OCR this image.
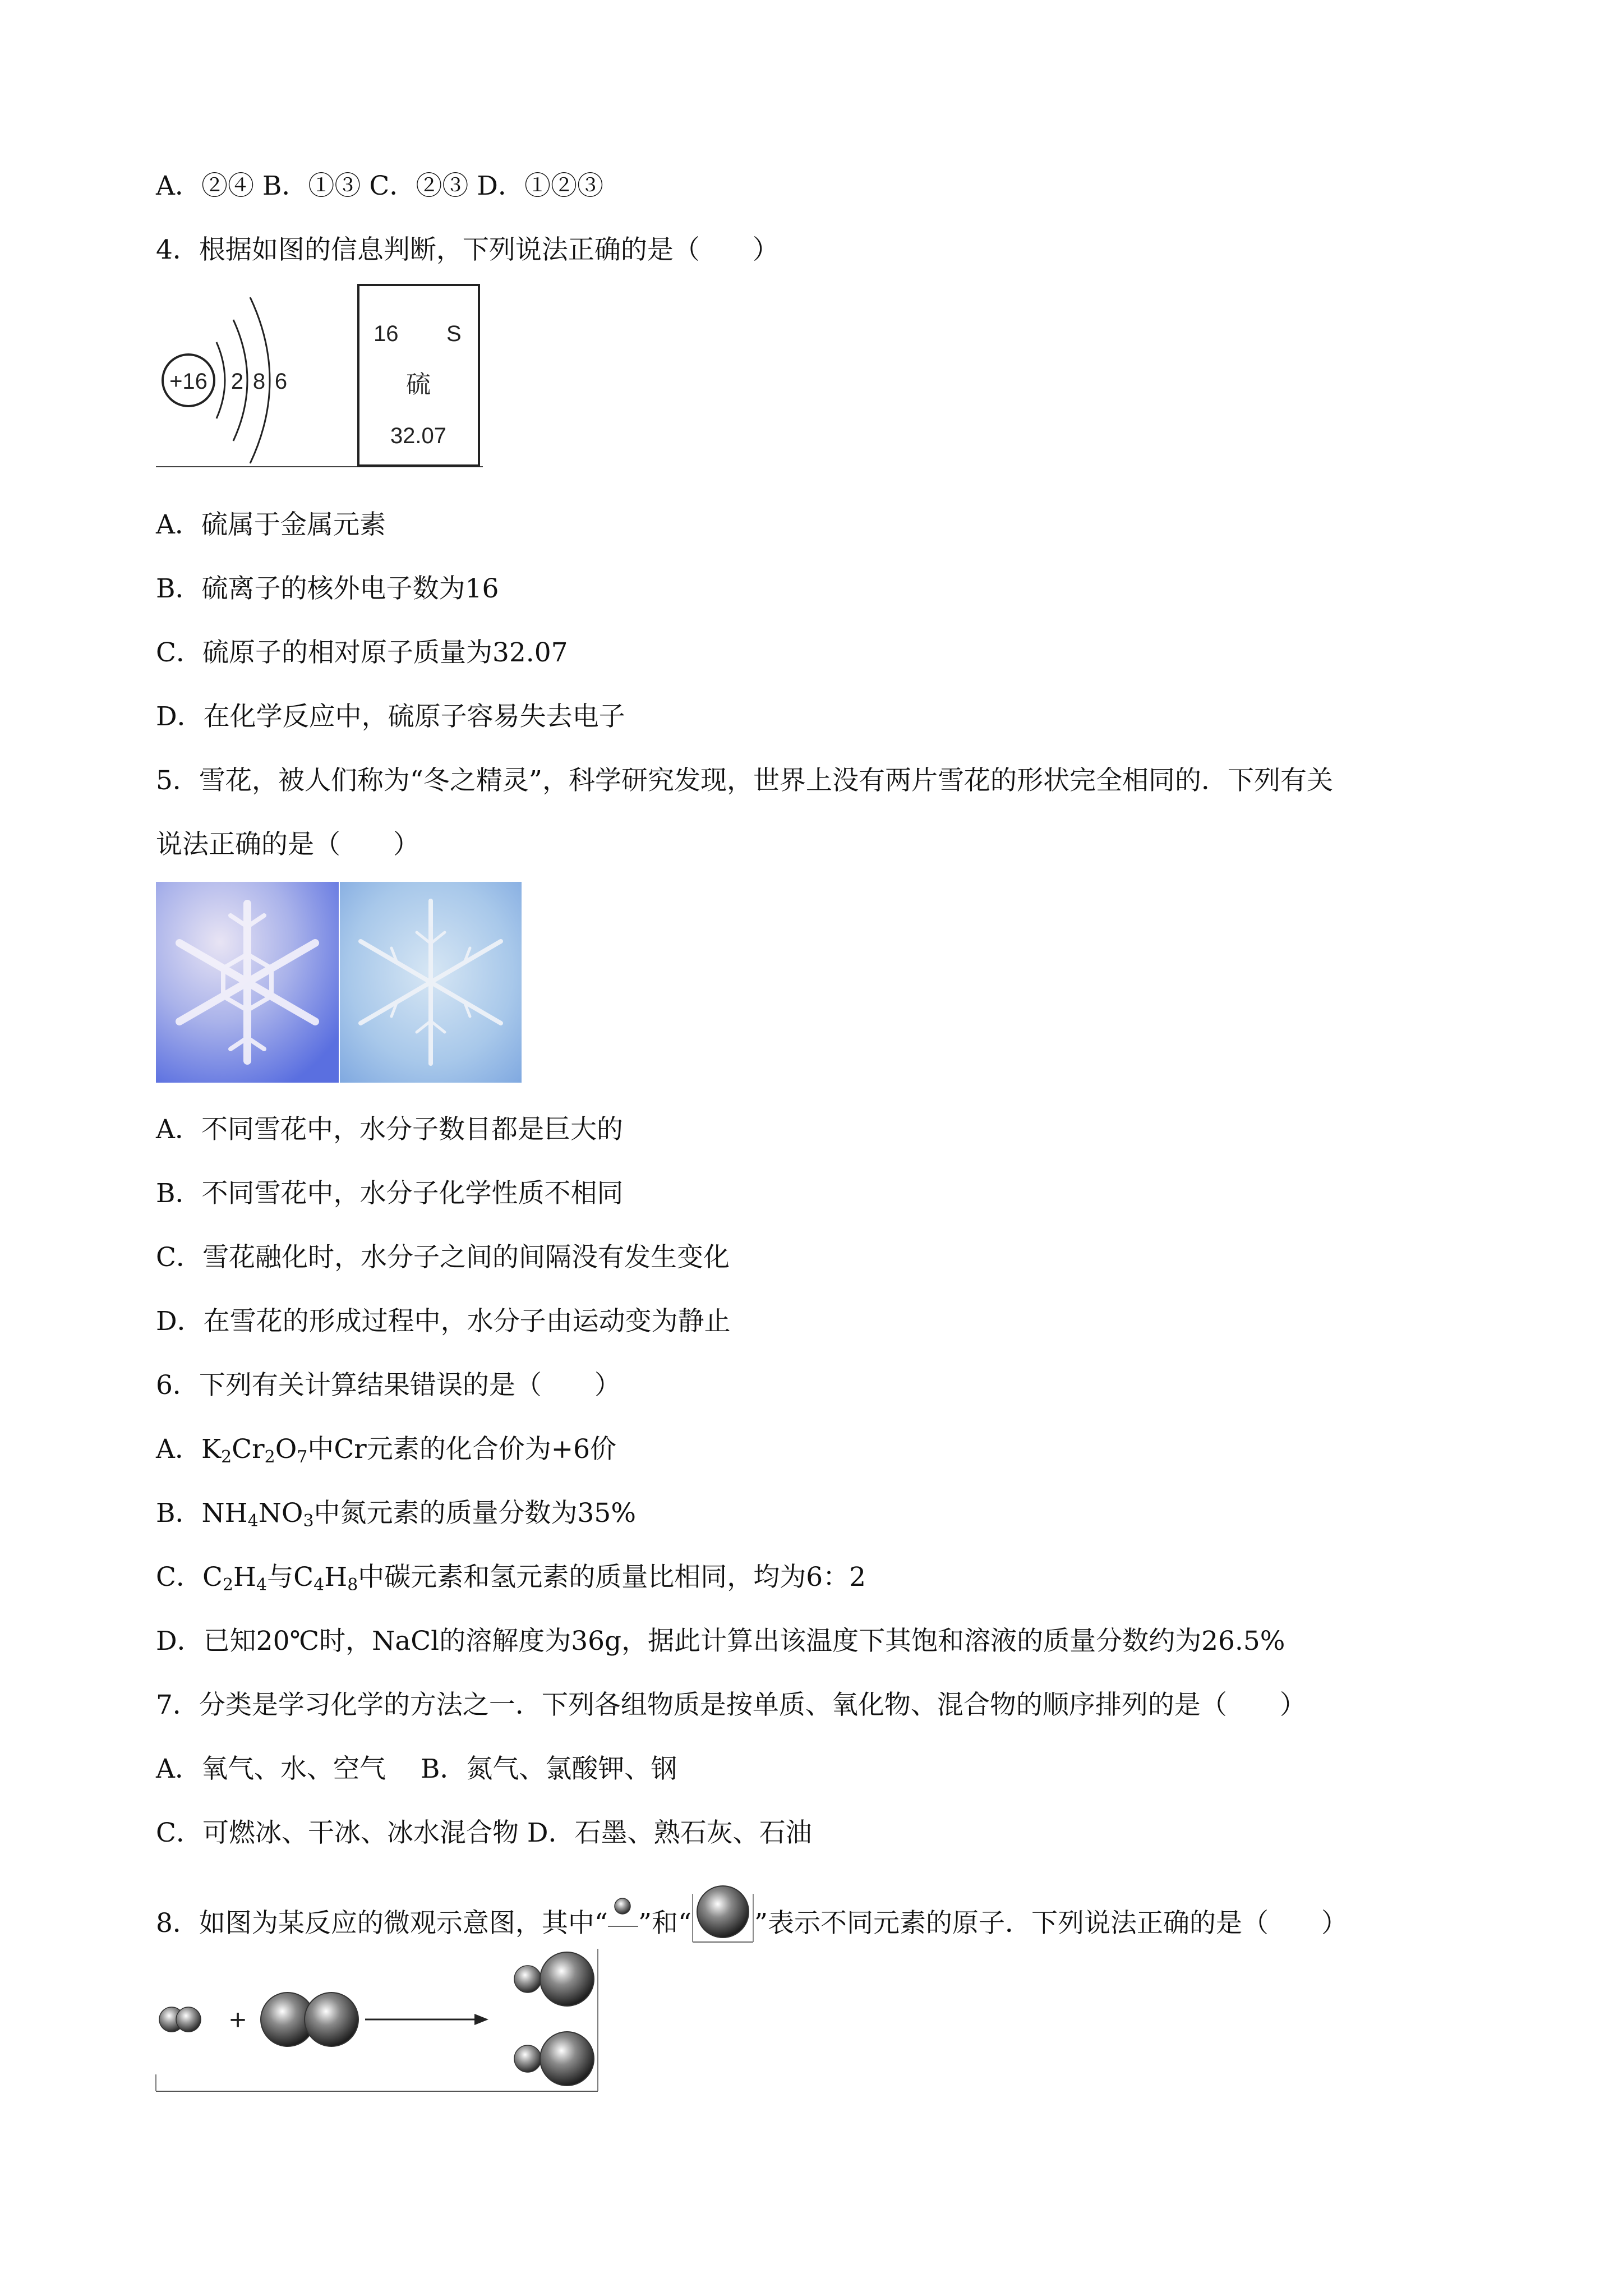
A．②④ B．①③ C．②③ D．①②③
4．根据如图的信息判断，下列说法正确的是（　　）
+16 2 8 6
16 S
硫
32.07
A．硫属于金属元素
B．硫离子的核外电子数为16
C．硫原子的相对原子质量为32.07
D．在化学反应中，硫原子容易失去电子
5．雪花，被人们称为“冬之精灵”，科学研究发现，世界上没有两片雪花的形状完全相同的．下列有关
说法正确的是（　　）
A．不同雪花中，水分子数目都是巨大的
B．不同雪花中，水分子化学性质不相同
C．雪花融化时，水分子之间的间隔没有发生变化
D．在雪花的形成过程中，水分子由运动变为静止
6．下列有关计算结果错误的是（　　）
A．$K_2Cr_2O_7$中Cr元素的化合价为+6价
B．$NH_4NO_3$中氮元素的质量分数为35%
C．$C_2H_4$与$C_4H_8$中碳元素和氢元素的质量比相同，均为6：2
D．已知20℃时，NaCl的溶解度为36g，据此计算出该温度下其饱和溶液的质量分数约为26.5%
7．分类是学习化学的方法之一．下列各组物质是按单质、氧化物、混合物的顺序排列的是（　　）
A．氧气、水、空气　 B．氮气、氯酸钾、钢
C．可燃冰、干冰、冰水混合物 D．石墨、熟石灰、石油
8．如图为某反应的微观示意图，其中“ ”和“ ”表示不同元素的原子．下列说法正确的是（　　）
+
